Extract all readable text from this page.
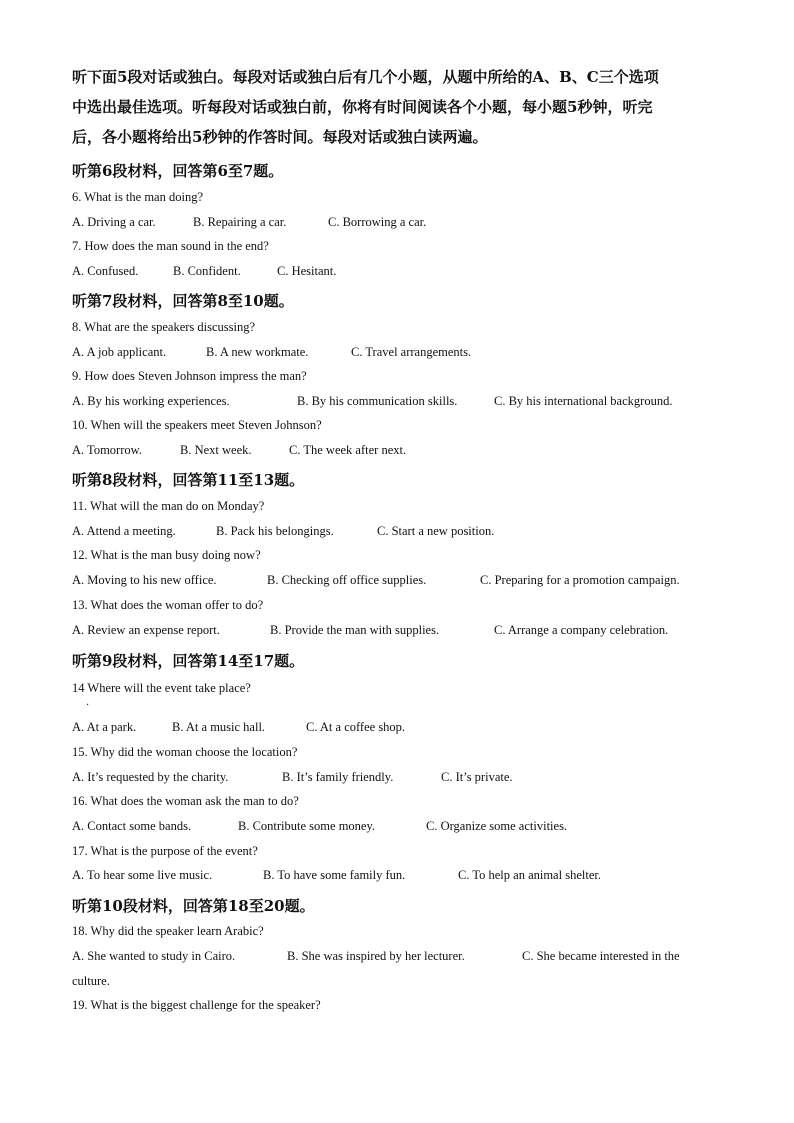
听下面5段对话或独白。每段对话或独白后有几个小题，从题中所给的A、B、C三个选项
中选出最佳选项。听每段对话或独白前，你将有时间阅读各个小题，每小题5秒钟，听完
后，各小题将给出5秒钟的作答时间。每段对话或独白读两遍。
听第6段材料，回答第6至7题。
6. What is the man doing?
A. Driving a car.	B. Repairing a car.	C. Borrowing a car.
7. How does the man sound in the end?
A. Confused.	B. Confident.	C. Hesitant.
听第7段材料，回答第8至10题。
8. What are the speakers discussing?
A. A job applicant.	B. A new workmate.	C. Travel arrangements.
9. How does Steven Johnson impress the man?
A. By his working experiences.	B. By his communication skills.	C. By his international background.
10. When will the speakers meet Steven Johnson?
A. Tomorrow.	B. Next week.	C. The week after next.
听第8段材料，回答第11至13题。
11. What will the man do on Monday?
A. Attend a meeting.	B. Pack his belongings.	C. Start a new position.
12. What is the man busy doing now?
A. Moving to his new office.	B. Checking off office supplies.	C. Preparing for a promotion campaign.
13. What does the woman offer to do?
A. Review an expense report.	B. Provide the man with supplies.	C. Arrange a company celebration.
听第9段材料，回答第14至17题。
14 Where will the event take place?
·
A. At a park.	B. At a music hall.	C. At a coffee shop.
15. Why did the woman choose the location?
A. It’s requested by the charity.	B. It’s family friendly.	C. It’s private.
16. What does the woman ask the man to do?
A. Contact some bands.	B. Contribute some money.	C. Organize some activities.
17. What is the purpose of the event?
A. To hear some live music.	B. To have some family fun.	C. To help an animal shelter.
听第10段材料，回答第18至20题。
18. Why did the speaker learn Arabic?
A. She wanted to study in Cairo.	B. She was inspired by her lecturer.	C. She became interested in the
culture.
19. What is the biggest challenge for the speaker?
